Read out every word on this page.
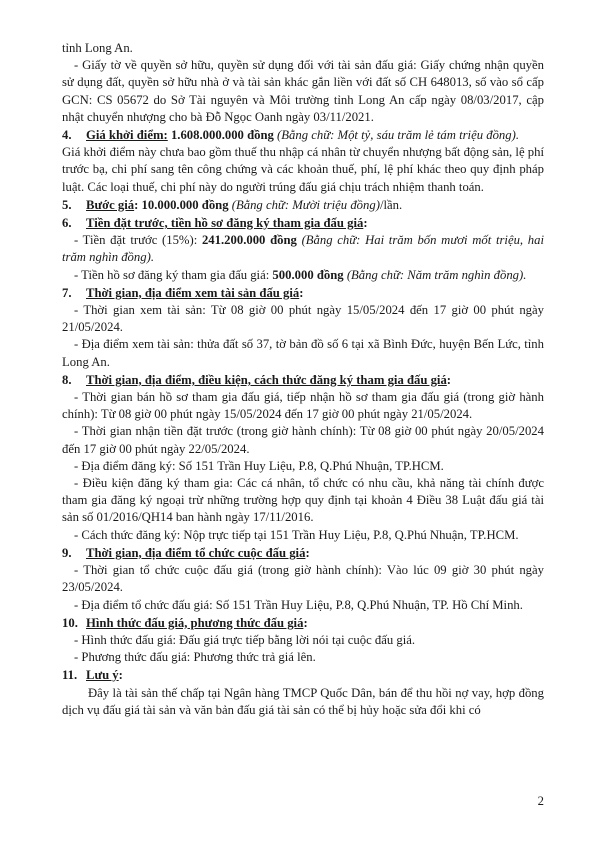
tỉnh Long An.

- Giấy tờ về quyền sở hữu, quyền sử dụng đối với tài sản đấu giá: Giấy chứng nhận quyền sử dụng đất, quyền sở hữu nhà ở và tài sản khác gắn liền với đất số CH 648013, số vào sổ cấp GCN: CS 05672 do Sở Tài nguyên và Môi trường tỉnh Long An cấp ngày 08/03/2017, cập nhật chuyển nhượng cho bà Đỗ Ngọc Oanh ngày 03/11/2021.

4. Giá khởi điểm: 1.608.000.000 đồng (Bằng chữ: Một tỷ, sáu trăm lẻ tám triệu đồng).

Giá khởi điểm này chưa bao gồm thuế thu nhập cá nhân từ chuyển nhượng bất động sản, lệ phí trước bạ, chi phí sang tên công chứng và các khoản thuế, phí, lệ phí khác theo quy định pháp luật. Các loại thuế, chi phí này do người trúng đấu giá chịu trách nhiệm thanh toán.

5. Bước giá: 10.000.000 đồng (Bằng chữ: Mười triệu đồng)/lần.

6. Tiền đặt trước, tiền hồ sơ đăng ký tham gia đấu giá:

- Tiền đặt trước (15%): 241.200.000 đồng (Bằng chữ: Hai trăm bốn mươi mốt triệu, hai trăm nghìn đồng).

- Tiền hồ sơ đăng ký tham gia đấu giá: 500.000 đồng (Bằng chữ: Năm trăm nghìn đồng).

7. Thời gian, địa điểm xem tài sản đấu giá:

- Thời gian xem tài sản: Từ 08 giờ 00 phút ngày 15/05/2024 đến 17 giờ 00 phút ngày 21/05/2024.

- Địa điểm xem tài sản: thửa đất số 37, tờ bản đồ số 6 tại xã Bình Đức, huyện Bến Lức, tỉnh Long An.

8. Thời gian, địa điểm, điều kiện, cách thức đăng ký tham gia đấu giá:

- Thời gian bán hồ sơ tham gia đấu giá, tiếp nhận hồ sơ tham gia đấu giá (trong giờ hành chính): Từ 08 giờ 00 phút ngày 15/05/2024 đến 17 giờ 00 phút ngày 21/05/2024.

- Thời gian nhận tiền đặt trước (trong giờ hành chính): Từ 08 giờ 00 phút ngày 20/05/2024 đến 17 giờ 00 phút ngày 22/05/2024.

- Địa điểm đăng ký: Số 151 Trần Huy Liệu, P.8, Q.Phú Nhuận, TP.HCM.

- Điều kiện đăng ký tham gia: Các cá nhân, tổ chức có nhu cầu, khả năng tài chính được tham gia đăng ký ngoại trừ những trường hợp quy định tại khoản 4 Điều 38 Luật đấu giá tài sản số 01/2016/QH14 ban hành ngày 17/11/2016.

- Cách thức đăng ký: Nộp trực tiếp tại 151 Trần Huy Liệu, P.8, Q.Phú Nhuận, TP.HCM.

9. Thời gian, địa điểm tổ chức cuộc đấu giá:

- Thời gian tổ chức cuộc đấu giá (trong giờ hành chính): Vào lúc 09 giờ 30 phút ngày 23/05/2024.

- Địa điểm tổ chức đấu giá: Số 151 Trần Huy Liệu, P.8, Q.Phú Nhuận, TP. Hồ Chí Minh.

10. Hình thức đấu giá, phương thức đấu giá:

- Hình thức đấu giá: Đấu giá trực tiếp bằng lời nói tại cuộc đấu giá.

- Phương thức đấu giá: Phương thức trả giá lên.

11. Lưu ý:

Đây là tài sản thế chấp tại Ngân hàng TMCP Quốc Dân, bán để thu hồi nợ vay, hợp đồng dịch vụ đấu giá tài sản và văn bản đấu giá tài sản có thể bị hủy hoặc sửa đổi khi có

2
